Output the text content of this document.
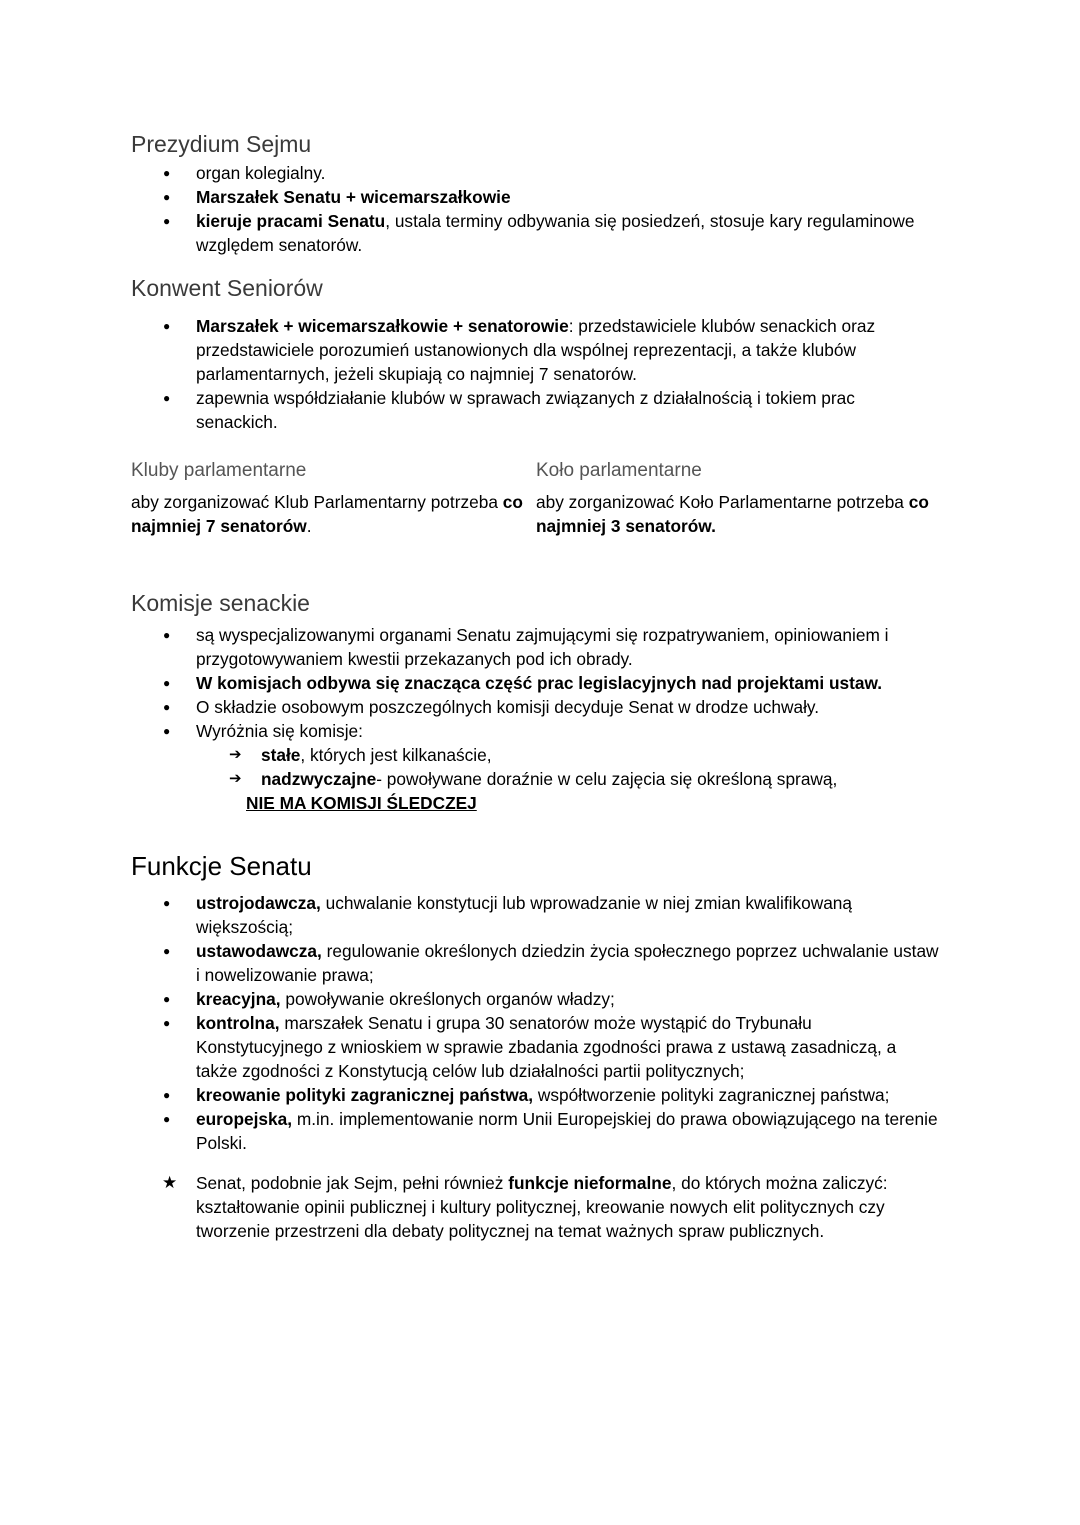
Prezydium Sejmu
● organ kolegialny.
● Marszałek Senatu + wicemarszałkowie
● kieruje pracami Senatu, ustala terminy odbywania się posiedzeń, stosuje kary regulaminowe względem senatorów.
Konwent Seniorów
● Marszałek + wicemarszałkowie + senatorowie: przedstawiciele klubów senackich oraz przedstawiciele porozumień ustanowionych dla wspólnej reprezentacji, a także klubów parlamentarnych, jeżeli skupiają co najmniej 7 senatorów.
● zapewnia współdziałanie klubów w sprawach związanych z działalnością i tokiem prac senackich.
Kluby parlamentarne

aby zorganizować Klub Parlamentarny potrzeba co najmniej 7 senatorów.

Koło parlamentarne

aby zorganizować Koło Parlamentarne potrzeba co najmniej 3 senatorów.

Komisje senackie
● są wyspecjalizowanymi organami Senatu zajmującymi się rozpatrywaniem, opiniowaniem i przygotowywaniem kwestii przekazanych pod ich obrady.
● W komisjach odbywa się znacząca część prac legislacyjnych nad projektami ustaw.
● O składzie osobowym poszczególnych komisji decyduje Senat w drodze uchwały.
● Wyróżnia się komisje:
➔ stałe, których jest kilkanaście,
➔ nadzwyczajne- powoływane doraźnie w celu zajęcia się określoną sprawą,
NIE MA KOMISJI ŚLEDCZEJ
Funkcje Senatu
● ustrojodawcza, uchwalanie konstytucji lub wprowadzanie w niej zmian kwalifikowaną większością;
● ustawodawcza, regulowanie określonych dziedzin życia społecznego poprzez uchwalanie ustaw i nowelizowanie prawa;
● kreacyjna, powoływanie określonych organów władzy;
● kontrolna, marszałek Senatu i grupa 30 senatorów może wystąpić do Trybunału Konstytucyjnego z wnioskiem w sprawie zbadania zgodności prawa z ustawą zasadniczą, a także zgodności z Konstytucją celów lub działalności partii politycznych;
● kreowanie polityki zagranicznej państwa, współtworzenie polityki zagranicznej państwa;
● europejska, m.in. implementowanie norm Unii Europejskiej do prawa obowiązującego na terenie Polski.
★ Senat, podobnie jak Sejm, pełni również funkcje nieformalne, do których można zaliczyć: kształtowanie opinii publicznej i kultury politycznej, kreowanie nowych elit politycznych czy tworzenie przestrzeni dla debaty politycznej na temat ważnych spraw publicznych.
